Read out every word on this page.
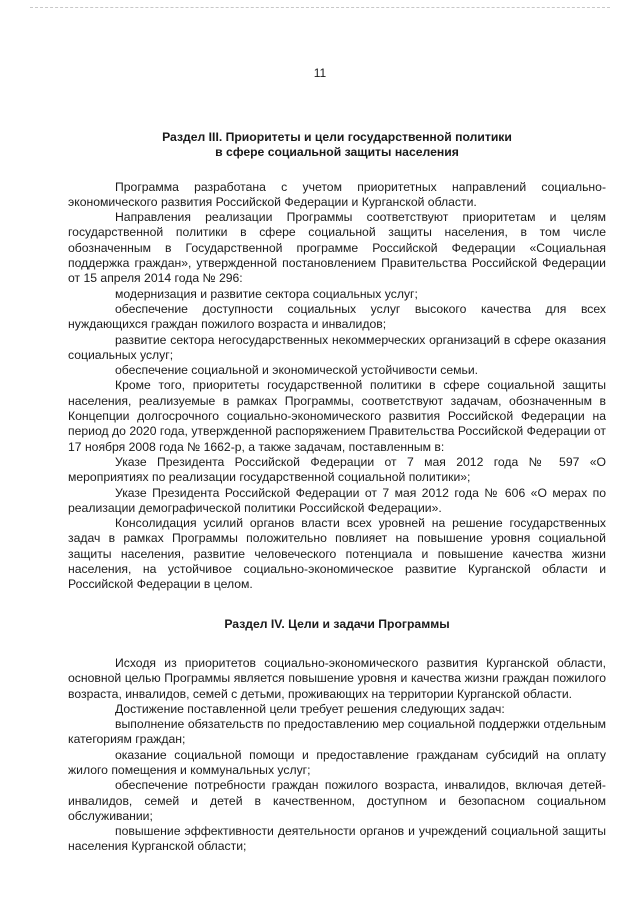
11
Раздел III. Приоритеты и цели государственной политики
в сфере социальной защиты населения

Программа разработана с учетом приоритетных направлений социально-экономического развития Российской Федерации и Курганской области.

Направления реализации Программы соответствуют приоритетам и целям государственной политики в сфере социальной защиты населения, в том числе обозначенным в Государственной программе Российской Федерации «Социальная поддержка граждан», утвержденной постановлением Правительства Российской Федерации от 15 апреля 2014 года № 296:

модернизация и развитие сектора социальных услуг;

обеспечение доступности социальных услуг высокого качества для всех нуждающихся граждан пожилого возраста и инвалидов;

развитие сектора негосударственных некоммерческих организаций в сфере оказания социальных услуг;

обеспечение социальной и экономической устойчивости семьи.

Кроме того, приоритеты государственной политики в сфере социальной защиты населения, реализуемые в рамках Программы, соответствуют задачам, обозначенным в Концепции долгосрочного социально-экономического развития Российской Федерации на период до 2020 года, утвержденной распоряжением Правительства Российской Федерации от 17 ноября 2008 года № 1662-р, а также задачам, поставленным в:

Указе Президента Российской Федерации от 7 мая 2012 года № 597 «О мероприятиях по реализации государственной социальной политики»;

Указе Президента Российской Федерации от 7 мая 2012 года № 606 «О мерах по реализации демографической политики Российской Федерации».

Консолидация усилий органов власти всех уровней на решение государственных задач в рамках Программы положительно повлияет на повышение уровня социальной защиты населения, развитие человеческого потенциала и повышение качества жизни населения, на устойчивое социально-экономическое развитие Курганской области и Российской Федерации в целом.

Раздел IV. Цели и задачи Программы

Исходя из приоритетов социально-экономического развития Курганской области, основной целью Программы является повышение уровня и качества жизни граждан пожилого возраста, инвалидов, семей с детьми, проживающих на территории Курганской области.

Достижение поставленной цели требует решения следующих задач:

выполнение обязательств по предоставлению мер социальной поддержки отдельным категориям граждан;

оказание социальной помощи и предоставление гражданам субсидий на оплату жилого помещения и коммунальных услуг;

обеспечение потребности граждан пожилого возраста, инвалидов, включая детей-инвалидов, семей и детей в качественном, доступном и безопасном социальном обслуживании;

повышение эффективности деятельности органов и учреждений социальной защиты населения Курганской области;
